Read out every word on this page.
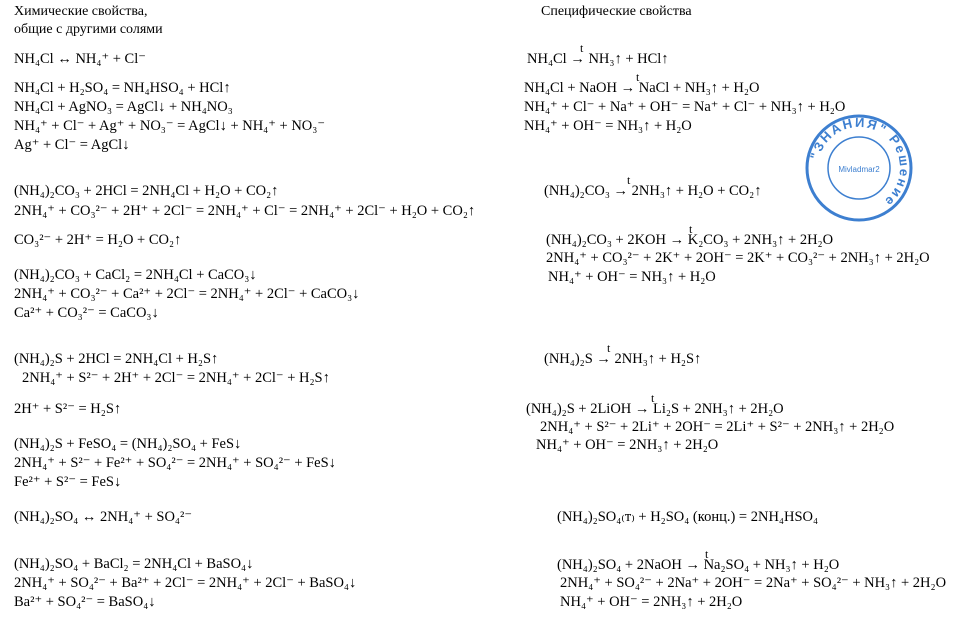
Химические свойства,
общие с другими солями
Специфические свойства
NH₄Cl ↔ NH₄⁺ + Cl⁻
NH₄Cl + H₂SO₄ = NH₄HSO₄ + HCl↑
NH₄Cl + AgNO₃ = AgCl↓ + NH₄NO₃
NH₄⁺ + Cl⁻ + Ag⁺ + NO₃⁻ = AgCl↓ + NH₄⁺ + NO₃⁻
Ag⁺ + Cl⁻ = AgCl↓
(NH₄)₂CO₃ + 2HCl = 2NH₄Cl + H₂O + CO₂↑
2NH₄⁺ + CO₃²⁻ + 2H⁺ + 2Cl⁻ = 2NH₄⁺ + Cl⁻ = 2NH₄⁺ + 2Cl⁻ + H₂O + CO₂↑
CO₃²⁻ + 2H⁺ = H₂O + CO₂↑
(NH₄)₂CO₃ + CaCl₂ = 2NH₄Cl + CaCO₃↓
2NH₄⁺ + CO₃²⁻ + Ca²⁺ + 2Cl⁻ = 2NH₄⁺ + 2Cl⁻ + CaCO₃↓
Ca²⁺ + CO₃²⁻ = CaCO₃↓
(NH₄)₂S + 2HCl = 2NH₄Cl + H₂S↑
2NH₄⁺ + S²⁻ + 2H⁺ + 2Cl⁻ = 2NH₄⁺ + 2Cl⁻ + H₂S↑
2H⁺ + S²⁻ = H₂S↑
(NH₄)₂S + FeSO₄ = (NH₄)₂SO₄ + FeS↓
2NH₄⁺ + S²⁻ + Fe²⁺ + SO₄²⁻ = 2NH₄⁺ + SO₄²⁻ + FeS↓
Fe²⁺ + S²⁻ = FeS↓
(NH₄)₂SO₄ ↔ 2NH₄⁺ + SO₄²⁻
(NH₄)₂SO₄ + BaCl₂ = 2NH₄Cl + BaSO₄↓
2NH₄⁺ + SO₄²⁻ + Ba²⁺ + 2Cl⁻ = 2NH₄⁺ + 2Cl⁻ + BaSO₄↓
Ba²⁺ + SO₄²⁻ = BaSO₄↓
NH₄Cl → NH₃↑ + HCl↑
NH₄Cl + NaOH → NaCl + NH₃↑ + H₂O
NH₄⁺ + Cl⁻ + Na⁺ + OH⁻ = Na⁺ + Cl⁻ + NH₃↑ + H₂O
NH₄⁺ + OH⁻ = NH₃↑ + H₂O
(NH₄)₂CO₃ → 2NH₃↑ + H₂O + CO₂↑
(NH₄)₂CO₃ + 2KOH → K₂CO₃ + 2NH₃↑ + 2H₂O
2NH₄⁺ + CO₃²⁻ + 2K⁺ + 2OH⁻ = 2K⁺ + CO₃²⁻ + 2NH₃↑ + 2H₂O
NH₄⁺ + OH⁻ = NH₃↑ + H₂O
(NH₄)₂S → 2NH₃↑ + H₂S↑
(NH₄)₂S + 2LiOH → Li₂S + 2NH₃↑ + 2H₂O
2NH₄⁺ + S²⁻ + 2Li⁺ + 2OH⁻ = 2Li⁺ + S²⁻ + 2NH₃↑ + 2H₂O
NH₄⁺ + OH⁻ = 2NH₃↑ + 2H₂O
(NH₄)₂SO₄₍т₎ + H₂SO₄ (конц.) = 2NH₄HSO₄
(NH₄)₂SO₄ + 2NaOH → Na₂SO₄ + NH₃↑ + H₂O
2NH₄⁺ + SO₄²⁻ + 2Na⁺ + 2OH⁻ = 2Na⁺ + SO₄²⁻ + NH₃↑ + 2H₂O
NH₄⁺ + OH⁻ = 2NH₃↑ + 2H₂O
t
t
t
t
t
t
t
"ЗНАНИЯ" Решение
Mivladmar2
